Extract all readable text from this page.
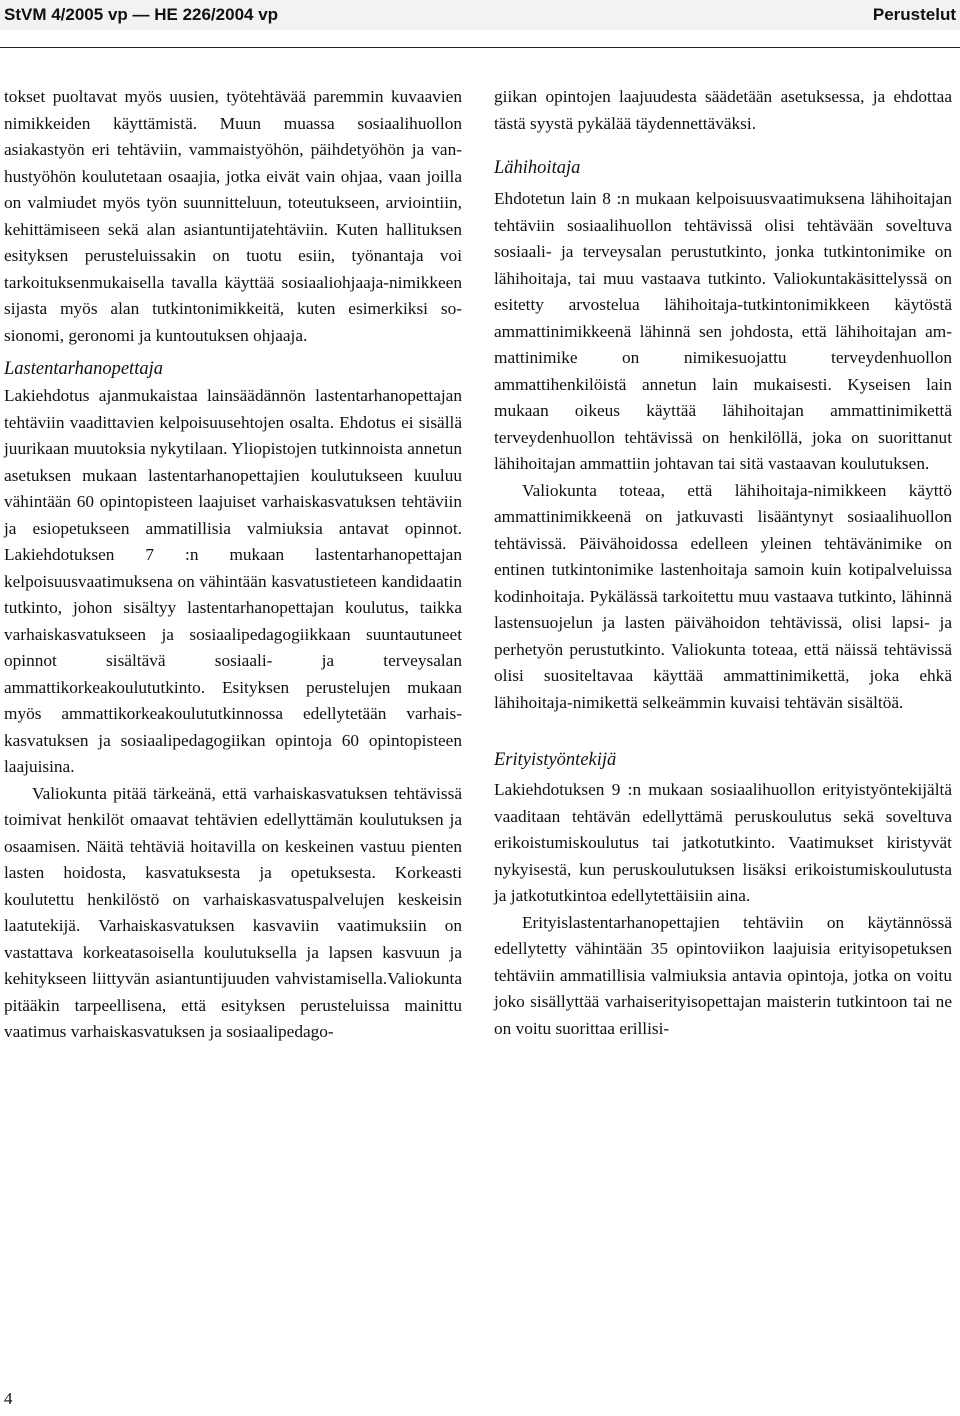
StVM 4/2005 vp — HE 226/2004 vp	Perustelut

tokset puoltavat myös uusien, työtehtävää paremmin kuvaavien nimikkeiden käyttämistä. Muun muassa sosiaalihuollon asiakastyön eri tehtäviin, vammaistyöhön, päihdetyöhön ja vanhustyöhön koulutetaan osaajia, jotka eivät vain ohjaa, vaan joilla on valmiudet myös työn suunnitteluun, toteutukseen, arviointiin, kehittämiseen sekä alan asiantuntijatehtäviin. Kuten hallituksen esityksen perusteluissakin on tuotu esiin, työnantaja voi tarkoituksenmukaisella tavalla käyttää sosiaaliohjaaja-nimikkeen sijasta myös alan tutkintonimikkeitä, kuten esimerkiksi sosionomi, geronomi ja kuntoutuksen ohjaaja.

Lastentarhanopettaja

Lakiehdotus ajanmukaistaa lainsäädännön lastentarhanopettajan tehtäviin vaadittavien kelpoisuusehtojen osalta. Ehdotus ei sisällä juurikaan muutoksia nykytilaan. Yliopistojen tutkinnoista annetun asetuksen mukaan lastentarhanopettajien koulutukseen kuuluu vähintään 60 opintopisteen laajuiset varhaiskasvatuksen tehtäviin ja esiopetukseen ammatillisia valmiuksia antavat opinnot. Lakiehdotuksen 7 :n mukaan lastentarhanopettajan kelpoisuusvaatimuksena on vähintään kasvatustieteen kandidaatin tutkinto, johon sisältyy lastentarhanopettajan koulutus, taikka varhaiskasvatukseen ja sosiaalipedagogiikkaan suuntautuneet opinnot sisältävä sosiaali- ja terveysalan ammattikorkeakoulututkinto. Esityksen perustelujen mukaan myös ammattikorkeakoulututkinnossa edellytetään varhaiskasvatuksen ja sosiaalipedagogiikan opintoja 60 opintopisteen laajuisina.

Valiokunta pitää tärkeänä, että varhaiskasvatuksen tehtävissä toimivat henkilöt omaavat tehtävien edellyttämän koulutuksen ja osaamisen. Näitä tehtäviä hoitavilla on keskeinen vastuu pienten lasten hoidosta, kasvatuksesta ja opetuksesta. Korkeasti koulutettu henkilöstö on varhaiskasvatuspalvelujen keskeisin laatutekijä. Varhaiskasvatuksen kasvaviin vaatimuksiin on vastattava korkeatasoisella koulutuksella ja lapsen kasvuun ja kehitykseen liittyvän asiantuntijuuden vahvistamisella.Valiokunta pitääkin tarpeellisena, että esityksen perusteluissa mainittu vaatimus varhaiskasvatuksen ja sosiaalipedago-

giikan opintojen laajuudesta säädetään asetuksessa, ja ehdottaa tästä syystä pykälää täydennettäväksi.

Lähihoitaja

Ehdotetun lain 8 :n mukaan kelpoisuusvaatimuksena lähihoitajan tehtäviin sosiaalihuollon tehtävissä olisi tehtävään soveltuva sosiaali- ja terveysalan perustutkinto, jonka tutkintonimike on lähihoitaja, tai muu vastaava tutkinto. Valiokuntakäsittelyssä on esitetty arvostelua lähihoitaja-tutkintonimikkeen käytöstä ammattinimikkeenä lähinnä sen johdosta, että lähihoitajan ammattinimike on nimikesuojattu terveydenhuollon ammattihenkilöistä annetun lain mukaisesti. Kyseisen lain mukaan oikeus käyttää lähihoitajan ammattinimikettä terveydenhuollon tehtävissä on henkilöllä, joka on suorittanut lähihoitajan ammattiin johtavan tai sitä vastaavan koulutuksen.

Valiokunta toteaa, että lähihoitaja-nimikkeen käyttö ammattinimikkeenä on jatkuvasti lisääntynyt sosiaalihuollon tehtävissä. Päivähoidossa edelleen yleinen tehtävänimike on entinen tutkintonimike lastenhoitaja samoin kuin kotipalveluissa kodinhoitaja. Pykälässä tarkoitettu muu vastaava tutkinto, lähinnä lastensuojelun ja lasten päivähoidon tehtävissä, olisi lapsi- ja perhetyön perustutkinto. Valiokunta toteaa, että näissä tehtävissä olisi suositeltavaa käyttää ammattinimikettä, joka ehkä lähihoitaja-nimikettä selkeämmin kuvaisi tehtävän sisältöä.

Erityistyöntekijä

Lakiehdotuksen 9 :n mukaan sosiaalihuollon erityistyöntekijältä vaaditaan tehtävän edellyttämä peruskoulutus sekä soveltuva erikoistumiskoulutus tai jatkotutkinto. Vaatimukset kiristyvät nykyisestä, kun peruskoulutuksen lisäksi erikoistumiskoulutusta ja jatkotutkintoa edellytettäisiin aina.

Erityislastentarhanopettajien tehtäviin on käytännössä edellytetty vähintään 35 opintoviikon laajuisia erityisopetuksen tehtäviin ammatillisia valmiuksia antavia opintoja, jotka on voitu joko sisällyttää varhaiserityisopettajan maisterin tutkintoon tai ne on voitu suorittaa erillisi-

4
